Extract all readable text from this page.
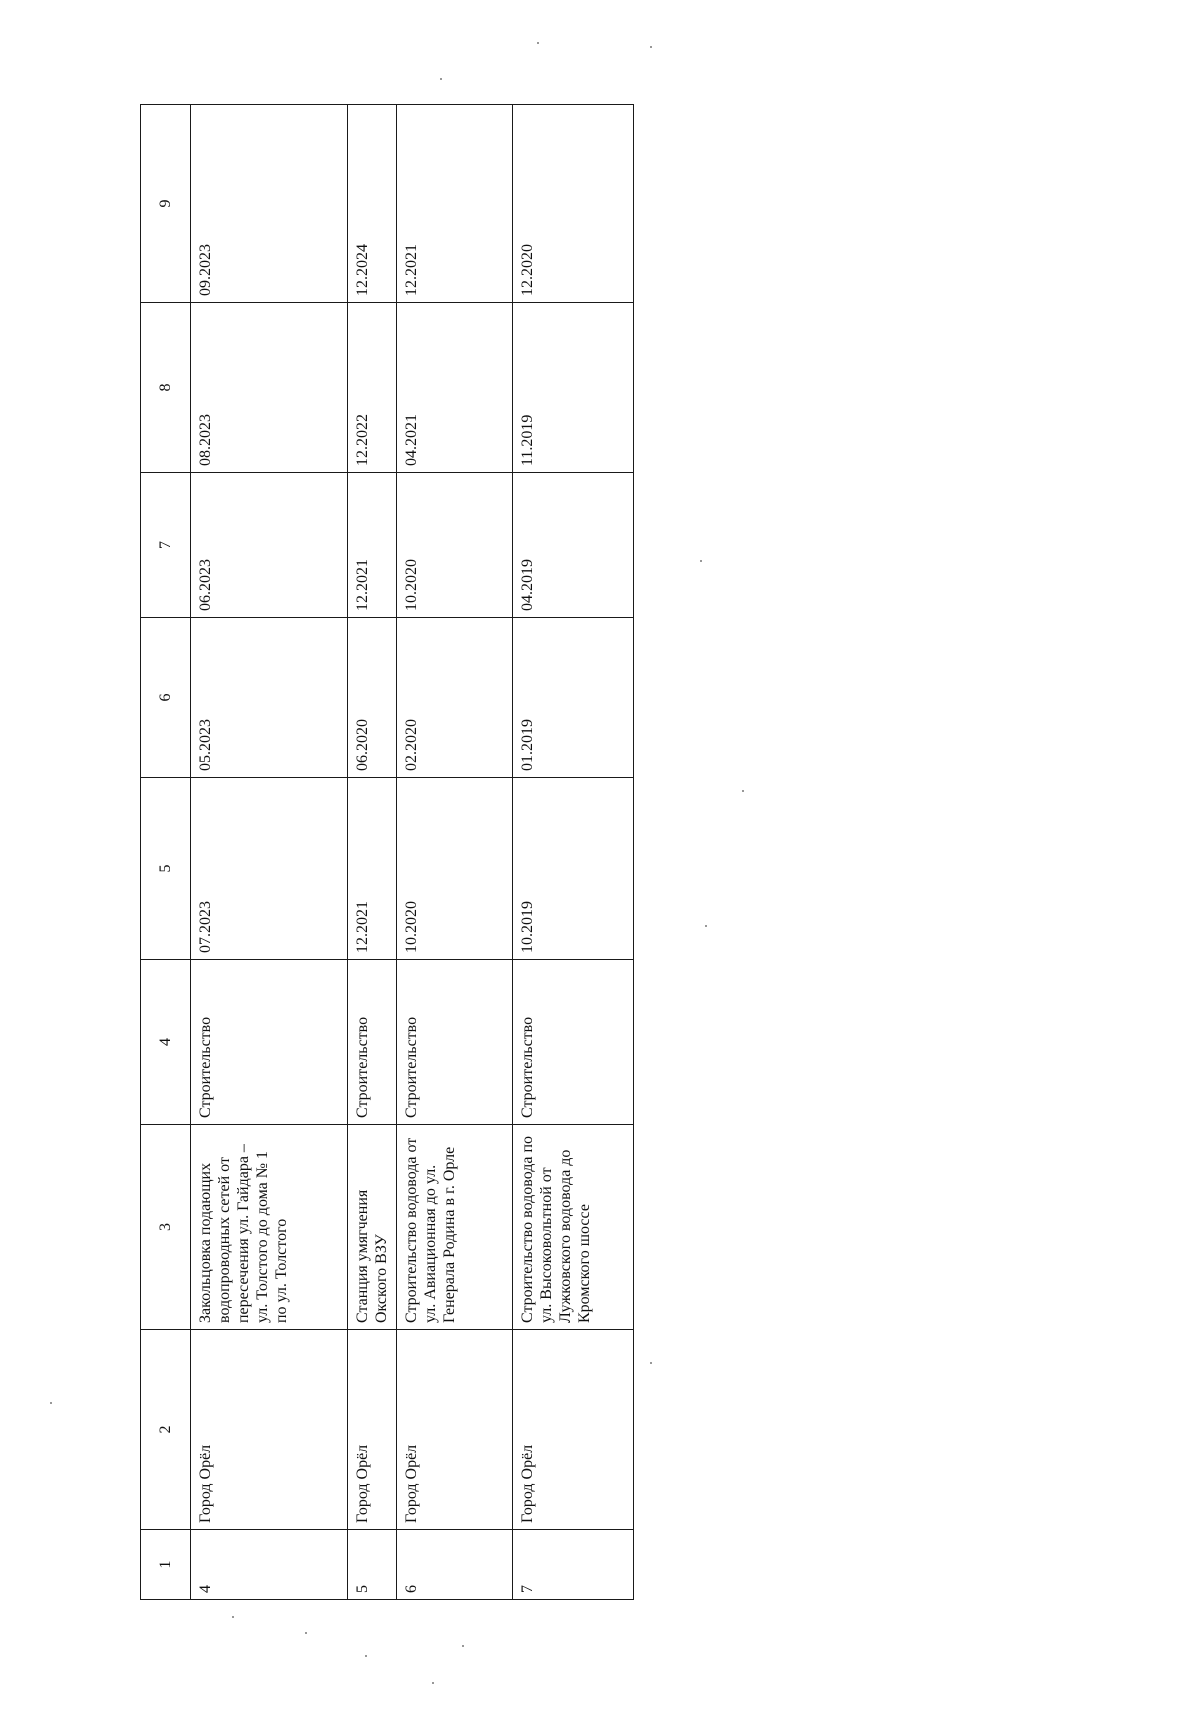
1	2	3	4	5	6	7	8	9
4	Город Орёл	Закольцовка подающих водопроводных сетей от пересечения ул. Гайдара – ул. Толстого до дома № 1 по ул. Толстого	Строительство	07.2023	05.2023	06.2023	08.2023	09.2023
5	Город Орёл	Станция умягчения Окского ВЗУ	Строительство	12.2021	06.2020	12.2021	12.2022	12.2024
6	Город Орёл	Строительство водовода от ул. Авиационная до ул. Генерала Родина в г. Орле	Строительство	10.2020	02.2020	10.2020	04.2021	12.2021
7	Город Орёл	Строительство водовода по ул. Высоковольтной от Лужковского водовода до Кромского шоссе	Строительство	10.2019	01.2019	04.2019	11.2019	12.2020
